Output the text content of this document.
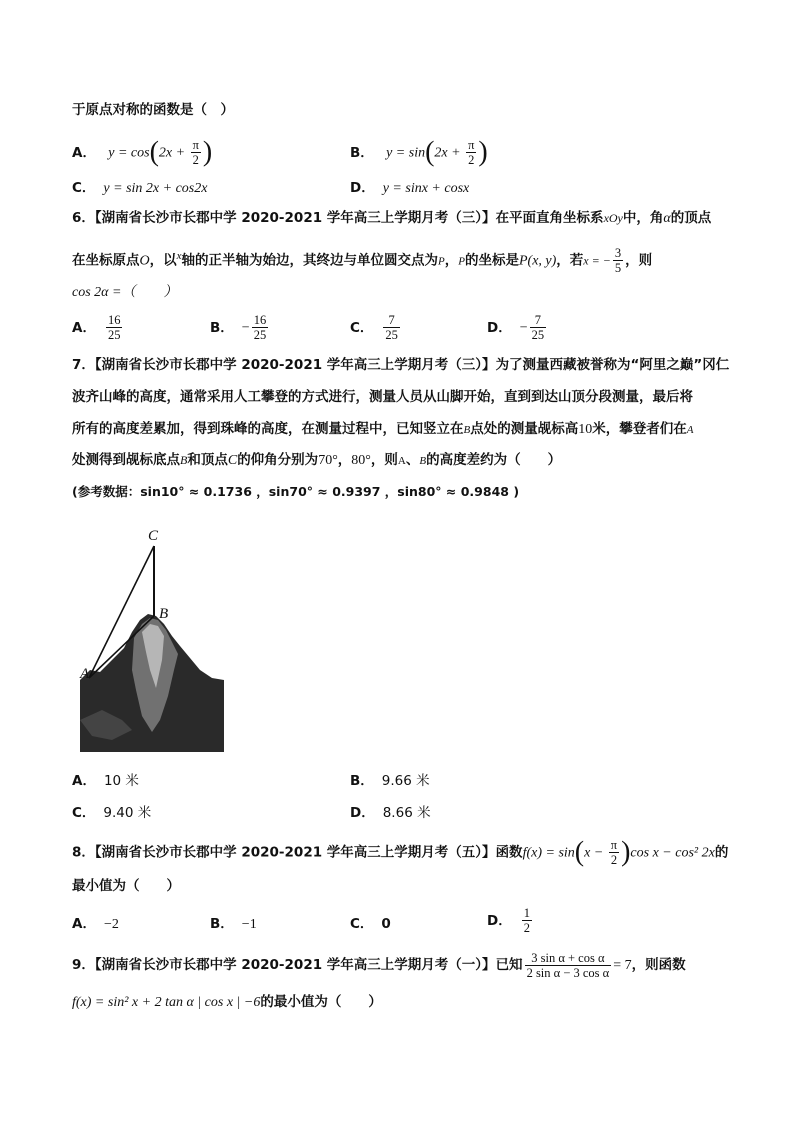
于原点对称的函数是（　）
A． $y = \cos(2x + \frac{\pi}{2}$ )	B． $y = \sin(2x + \frac{\pi}{2}$ )
C． y = sin 2x + cos2x	D． y = sinx + cosx
6．【湖南省长沙市长郡中学 2020-2021 学年高三上学期月考（三）】在平面直角坐标系xOy中，角α的顶点
在坐标原点O，以$^x$轴的正半轴为始边，其终边与单位圆交点为P，P的坐标是P(x, y)，若x = − $\frac{3}{5}$ ，则
cos 2α =（　　）
A． $\frac{16}{25}$	B． − $\frac{16}{25}$	C． $\frac{7}{25}$	D． − $\frac{7}{25}$
7．【湖南省长沙市长郡中学 2020-2021 学年高三上学期月考（三）】为了测量西藏被誉称为“阿里之巅”冈仁
波齐山峰的高度，通常采用人工攀登的方式进行，测量人员从山脚开始，直到到达山顶分段测量，最后将
所有的高度差累加，得到珠峰的高度，在测量过程中，已知竖立在B点处的测量觇标高10米，攀登者们在A
处测得到觇标底点B和顶点C的仰角分别为70°，80°，则A、B的高度差约为（　　）
(参考数据：sin10° ≈ 0.1736 ，sin70° ≈ 0.9397 ，sin80° ≈ 0.9848 )
C
B
A
A． 10 米	B． 9.66 米
C． 9.40 米	D． 8.66 米
8．【湖南省长沙市长郡中学 2020-2021 学年高三上学期月考（五）】函数$f(x) = \sin(x - \frac{\pi}{2} )\cos$ x − cos² 2x的
最小值为（　　）
A． −2	B． −1	C． 0	D． $\frac{1}{2}$
9．【湖南省长沙市长郡中学 2020-2021 学年高三上学期月考（一）】已知 $\frac{\text{3 sin α + cos α}}{\text{2 sin α − 3 cos α}} = 7$，则函数
f(x) = sin² x + 2 tan α | cos x | −6的最小值为（　　）
